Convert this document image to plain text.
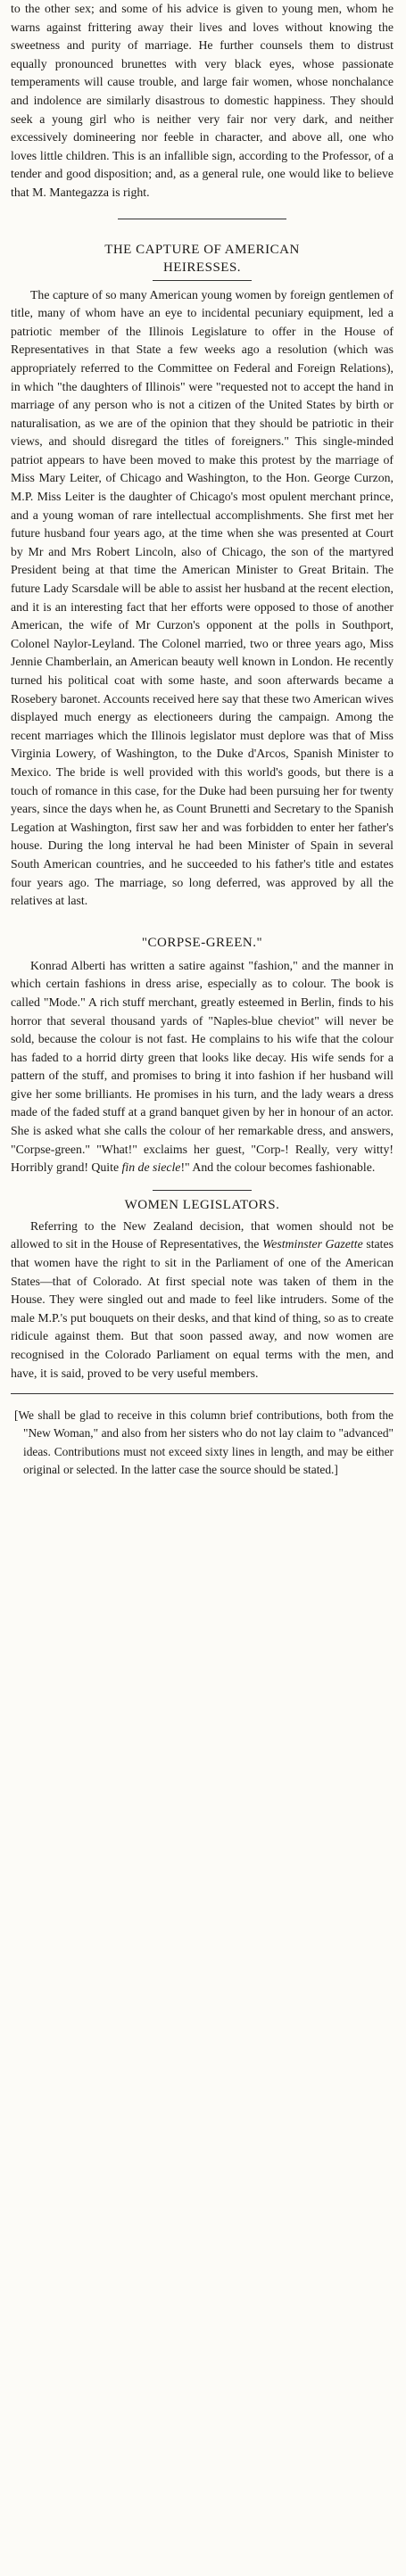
to the other sex; and some of his advice is given to young men, whom he warns against frittering away their lives and loves without knowing the sweetness and purity of marriage. He further counsels them to distrust equally pronounced brunettes with very black eyes, whose passionate temperaments will cause trouble, and large fair women, whose nonchalance and indolence are similarly disastrous to domestic happiness. They should seek a young girl who is neither very fair nor very dark, and neither excessively domineering nor feeble in character, and above all, one who loves little children. This is an infallible sign, according to the Professor, of a tender and good disposition; and, as a general rule, one would like to believe that M. Mantegazza is right.

THE CAPTURE OF AMERICAN
HEIRESSES.

The capture of so many American young women by foreign gentlemen of title, many of whom have an eye to incidental pecuniary equipment, led a patriotic member of the Illinois Legislature to offer in the House of Representatives in that State a few weeks ago a resolution (which was appropriately referred to the Committee on Federal and Foreign Relations), in which "the daughters of Illinois" were "requested not to accept the hand in marriage of any person who is not a citizen of the United States by birth or naturalisation, as we are of the opinion that they should be patriotic in their views, and should disregard the titles of foreigners." This single-minded patriot appears to have been moved to make this protest by the marriage of Miss Mary Leiter, of Chicago and Washington, to the Hon. George Curzon, M.P. Miss Leiter is the daughter of Chicago's most opulent merchant prince, and a young woman of rare intellectual accomplishments. She first met her future husband four years ago, at the time when she was presented at Court by Mr and Mrs Robert Lincoln, also of Chicago, the son of the martyred President being at that time the American Minister to Great Britain. The future Lady Scarsdale will be able to assist her husband at the recent election, and it is an interesting fact that her efforts were opposed to those of another American, the wife of Mr Curzon's opponent at the polls in Southport, Colonel Naylor-Leyland. The Colonel married, two or three years ago, Miss Jennie Chamberlain, an American beauty well known in London. He recently turned his political coat with some haste, and soon afterwards became a Rosebery baronet. Accounts received here say that these two American wives displayed much energy as electioneers during the campaign. Among the recent marriages which the Illinois legislator must deplore was that of Miss Virginia Lowery, of Washington, to the Duke d'Arcos, Spanish Minister to Mexico. The bride is well provided with this world's goods, but there is a touch of romance in this case, for the Duke had been pursuing her for twenty years, since the days when he, as Count Brunetti and Secretary to the Spanish Legation at Washington, first saw her and was forbidden to enter her father's house. During the long interval he had been Minister of Spain in several South American countries, and he succeeded to his father's title and estates four years ago. The marriage, so long deferred, was approved by all the relatives at last.

"CORPSE-GREEN."

Konrad Alberti has written a satire against "fashion," and the manner in which certain fashions in dress arise, especially as to colour. The book is called "Mode." A rich stuff merchant, greatly esteemed in Berlin, finds to his horror that several thousand yards of "Naples-blue cheviot" will never be sold, because the colour is not fast. He complains to his wife that the colour has faded to a horrid dirty green that looks like decay. His wife sends for a pattern of the stuff, and promises to bring it into fashion if her husband will give her some brilliants. He promises in his turn, and the lady wears a dress made of the faded stuff at a grand banquet given by her in honour of an actor. She is asked what she calls the colour of her remarkable dress, and answers, "Corpse-green." "What!" exclaims her guest, "Corp-! Really, very witty! Horribly grand! Quite fin de siecle!" And the colour becomes fashionable.

WOMEN LEGISLATORS.

Referring to the New Zealand decision, that women should not be allowed to sit in the House of Representatives, the Westminster Gazette states that women have the right to sit in the Parliament of one of the American States—that of Colorado. At first special note was taken of them in the House. They were singled out and made to feel like intruders. Some of the male M.P.'s put bouquets on their desks, and that kind of thing, so as to create ridicule against them. But that soon passed away, and now women are recognised in the Colorado Parliament on equal terms with the men, and have, it is said, proved to be very useful members.

[We shall be glad to receive in this column brief contributions, both from the "New Woman," and also from her sisters who do not lay claim to "advanced" ideas. Contributions must not exceed sixty lines in length, and may be either original or selected. In the latter case the source should be stated.]
